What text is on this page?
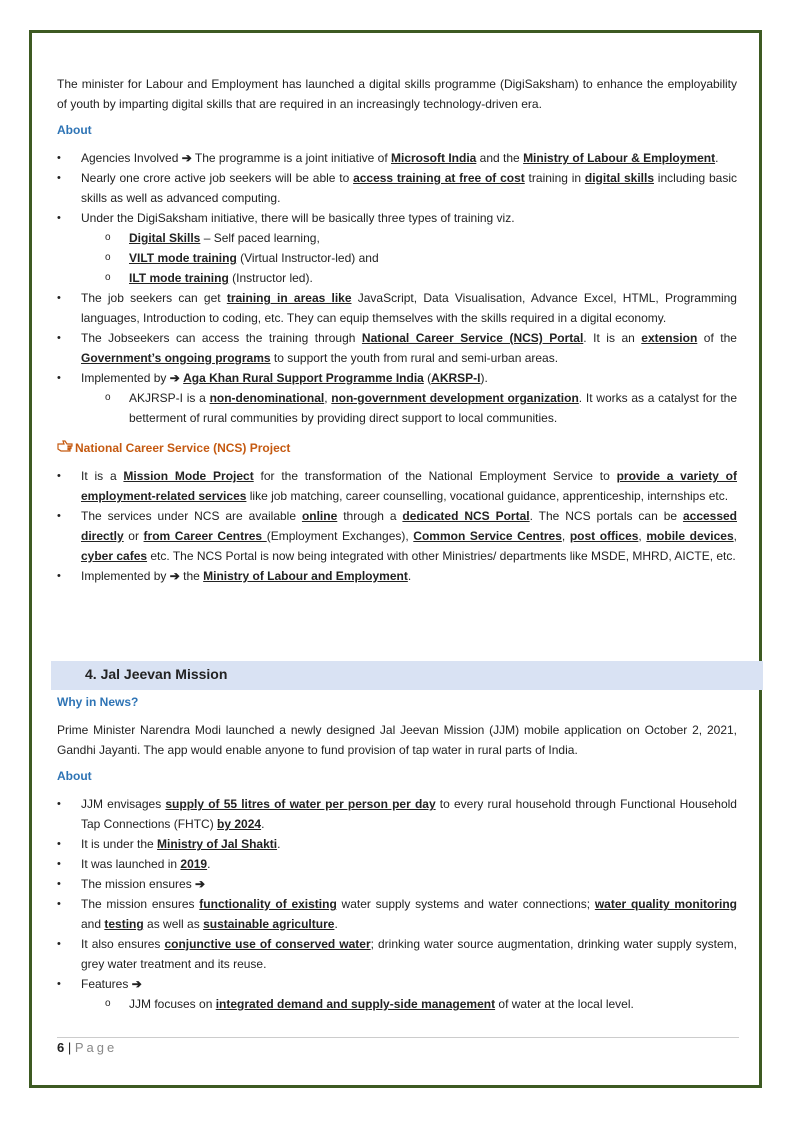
The minister for Labour and Employment has launched a digital skills programme (DigiSaksham) to enhance the employability of youth by imparting digital skills that are required in an increasingly technology-driven era.

About
• Agencies Involved ➔ The programme is a joint initiative of Microsoft India and the Ministry of Labour & Employment.
• Nearly one crore active job seekers will be able to access training at free of cost training in digital skills including basic skills as well as advanced computing.
• Under the DigiSaksham initiative, there will be basically three types of training viz.
o Digital Skills – Self paced learning,
o VILT mode training (Virtual Instructor-led) and
o ILT mode training (Instructor led).
• The job seekers can get training in areas like JavaScript, Data Visualisation, Advance Excel, HTML, Programming languages, Introduction to coding, etc. They can equip themselves with the skills required in a digital economy.
• The Jobseekers can access the training through National Career Service (NCS) Portal. It is an extension of the Government’s ongoing programs to support the youth from rural and semi-urban areas.
• Implemented by ➔ Aga Khan Rural Support Programme India (AKRSP-I).
o AKJRSP-I is a non-denominational, non-government development organization. It works as a catalyst for the betterment of rural communities by providing direct support to local communities.
National Career Service (NCS) Project
• It is a Mission Mode Project for the transformation of the National Employment Service to provide a variety of employment-related services like job matching, career counselling, vocational guidance, apprenticeship, internships etc.
• The services under NCS are available online through a dedicated NCS Portal. The NCS portals can be accessed directly or from Career Centres (Employment Exchanges), Common Service Centres, post offices, mobile devices, cyber cafes etc. The NCS Portal is now being integrated with other Ministries/ departments like MSDE, MHRD, AICTE, etc.
• Implemented by ➔ the Ministry of Labour and Employment.
4. Jal Jeevan Mission
Why in News?

Prime Minister Narendra Modi launched a newly designed Jal Jeevan Mission (JJM) mobile application on October 2, 2021, Gandhi Jayanti. The app would enable anyone to fund provision of tap water in rural parts of India.

About
• JJM envisages supply of 55 litres of water per person per day to every rural household through Functional Household Tap Connections (FHTC) by 2024.
• It is under the Ministry of Jal Shakti.
• It was launched in 2019.
• The mission ensures ➔
• The mission ensures functionality of existing water supply systems and water connections; water quality monitoring and testing as well as sustainable agriculture.
• It also ensures conjunctive use of conserved water; drinking water source augmentation, drinking water supply system, grey water treatment and its reuse.
• Features ➔
o JJM focuses on integrated demand and supply-side management of water at the local level.
6 | Page
